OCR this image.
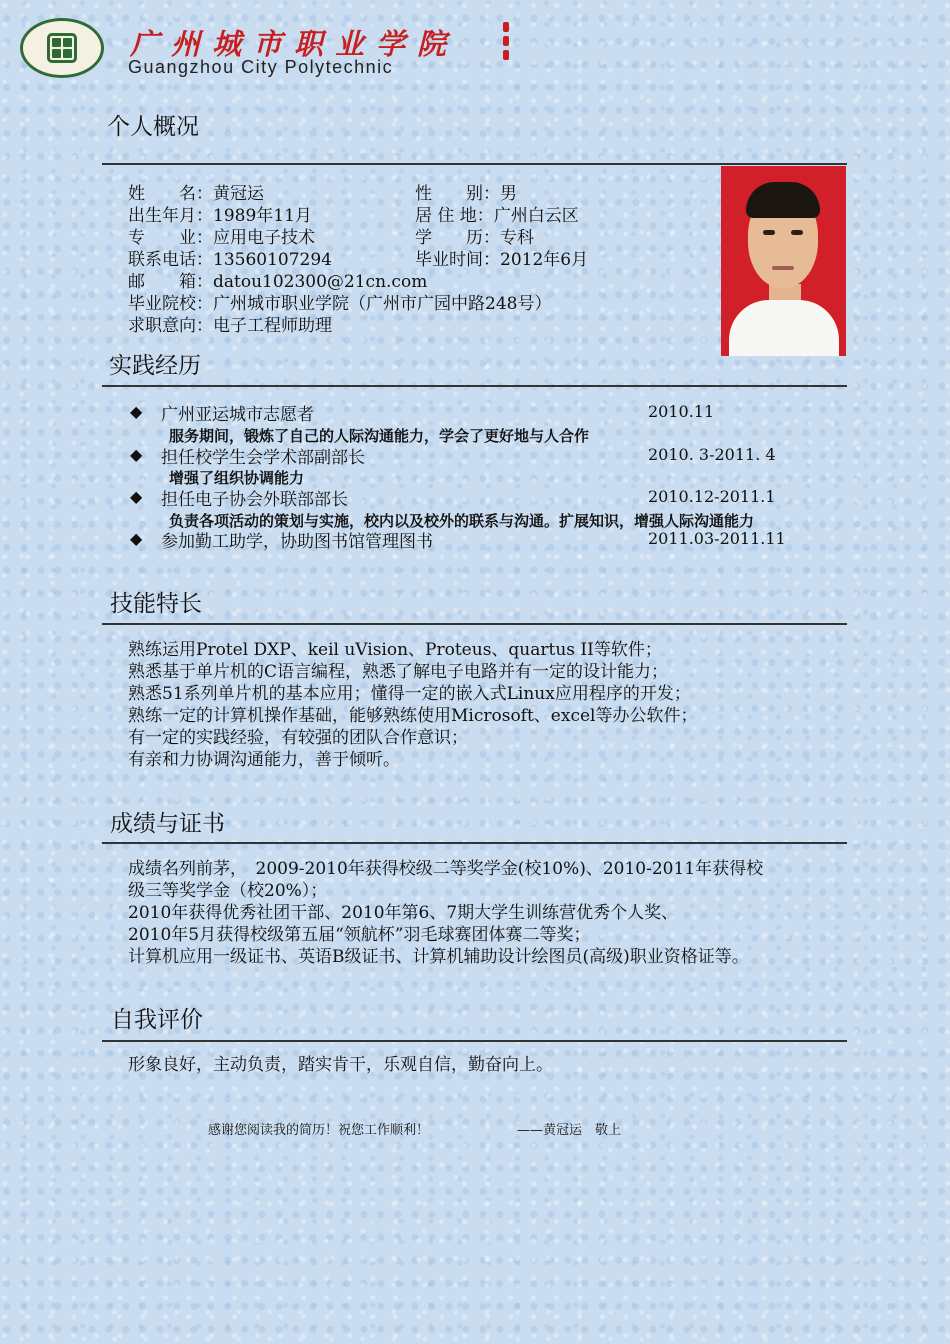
广州城市职业学院
Guangzhou City Polytechnic
个人概况
姓　　名：黄冠运	性　　别：男
出生年月：1989年11月	居 住 地：广州白云区
专　　业：应用电子技术	学　　历：专科
联系电话：13560107294	毕业时间：2012年6月
邮　　箱：datou102300@21cn.com
毕业院校：广州城市职业学院（广州市广园中路248号）
求职意向：电子工程师助理
实践经历
◆ 广州亚运城市志愿者	2010.11
服务期间，锻炼了自己的人际沟通能力，学会了更好地与人合作
◆ 担任校学生会学术部副部长	2010. 3-2011. 4
增强了组织协调能力
◆ 担任电子协会外联部部长	2010.12-2011.1
负责各项活动的策划与实施，校内以及校外的联系与沟通。扩展知识，增强人际沟通能力
◆ 参加勤工助学，协助图书馆管理图书	2011.03-2011.11
技能特长
熟练运用Protel DXP、keil uVision、Proteus、quartus II等软件；
熟悉基于单片机的C语言编程，熟悉了解电子电路并有一定的设计能力；
熟悉51系列单片机的基本应用；懂得一定的嵌入式Linux应用程序的开发；
熟练一定的计算机操作基础，能够熟练使用Microsoft、excel等办公软件；
有一定的实践经验，有较强的团队合作意识；
有亲和力协调沟通能力，善于倾听。
成绩与证书
成绩名列前茅，　2009-2010年获得校级二等奖学金(校10%)、2010-2011年获得校
级三等奖学金（校20%）；
2010年获得优秀社团干部、2010年第6、7期大学生训练营优秀个人奖、
2010年5月获得校级第五届“领航杯”羽毛球赛团体赛二等奖；
计算机应用一级证书、英语B级证书、计算机辅助设计绘图员(高级)职业资格证等。
自我评价
形象良好，主动负责，踏实肯干，乐观自信，勤奋向上。
感谢您阅读我的简历！祝您工作顺利！	——黄冠运　敬上
